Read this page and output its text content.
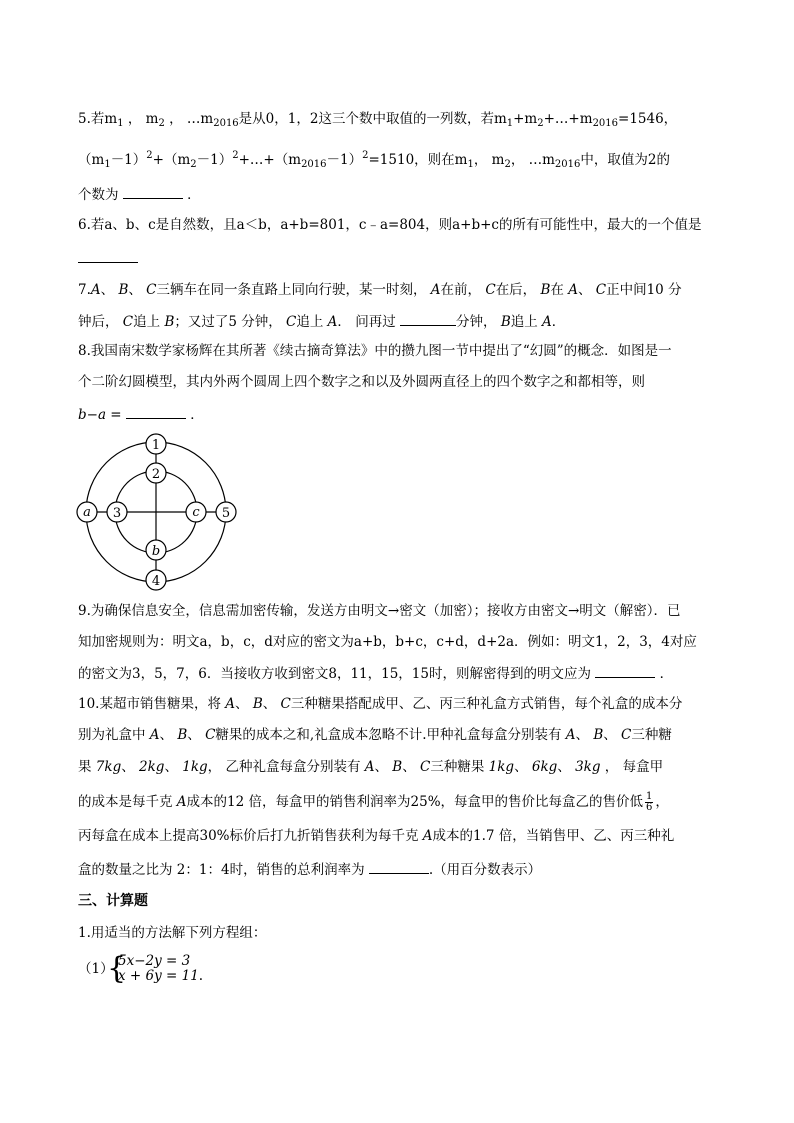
5.若$m_1$ ， $m_2$ ， $\dots m_{2016}$是从0，1，2这三个数中取值的一列数，若$m_1+m_2+\dots+m_{2016}=1546$，
$(m_1-1)^2+(m_2-1)^2+\dots+(m_{2016}-1)^2=1510$，则在$m_1$， $m_2$， $\dots m_{2016}$中，取值为2的
个数为	．
6.若a、b、c是自然数，且a＜b，a+b=801，c﹣a=804，则a+b+c的所有可能性中，最大的一个值是
7.A、 B、 C三辆车在同一条直路上同向行驶，某一时刻， A在前， C在后， B在 A、 C正中间10 分
钟后， C追上 B；又过了5 分钟， C追上 A． 问再过	分钟， B追上 A．
8.我国南宋数学家杨辉在其所著《续古摘奇算法》中的攒九图一节中提出了“幻圆”的概念．如图是一
个二阶幻圆模型，其内外两个圆周上四个数字之和以及外圆两直径上的四个数字之和都相等，则
b−a =	．
1
2
a 3	c 5
b
4
9.为确保信息安全，信息需加密传输，发送方由明文→密文（加密）；接收方由密文→明文（解密）．已
知加密规则为：明文a，b，c，d对应的密文为a+b，b+c，c+d，d+2a．例如：明文1，2，3，4对应
的密文为3，5，7，6．当接收方收到密文8，11，15，15时，则解密得到的明文应为	．
10.某超市销售糖果，将 A、 B、 C三种糖果搭配成甲、乙、丙三种礼盒方式销售，每个礼盒的成本分
别为礼盒中 A、 B、 C糖果的成本之和,礼盒成本忽略不计.甲种礼盒每盒分别装有 A、 B、 C三种糖
果 7kg、 2kg、 1kg， 乙种礼盒每盒分别装有 A、 B、 C三种糖果 1kg、 6kg、 3kg ， 每盒甲
的成本是每千克 A成本的12 倍，每盒甲的销售利润率为25%，每盒甲的售价比每盒乙的售价低 $\frac{1}{6}$ ，
丙每盒在成本上提高30%标价后打九折销售获利为每千克 A成本的1.7 倍，当销售甲、乙、丙三种礼
盒的数量之比为 2：1：4时，销售的总利润率为	.（用百分数表示）
三、计算题
1.用适当的方法解下列方程组：
（1）
{
5x−2y = 3
x + 6y = 11.
